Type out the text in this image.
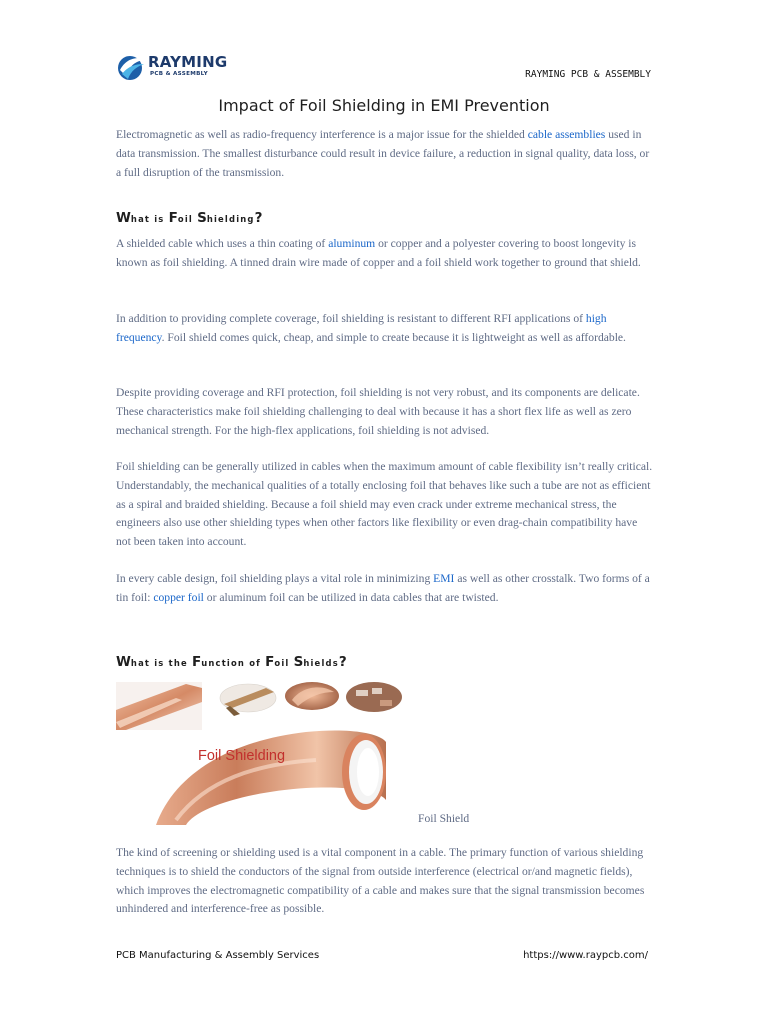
RAYMING
PCB & ASSEMBLY	RAYMING PCB & ASSEMBLY
Impact of Foil Shielding in EMI Prevention

Electromagnetic as well as radio-frequency interference is a major issue for the shielded cable assemblies used in data transmission. The smallest disturbance could result in device failure, a reduction in signal quality, data loss, or a full disruption of the transmission.

What is Foil Shielding?

A shielded cable which uses a thin coating of aluminum or copper and a polyester covering to boost longevity is known as foil shielding. A tinned drain wire made of copper and a foil shield work together to ground that shield.

In addition to providing complete coverage, foil shielding is resistant to different RFI applications of high frequency. Foil shield comes quick, cheap, and simple to create because it is lightweight as well as affordable.

Despite providing coverage and RFI protection, foil shielding is not very robust, and its components are delicate. These characteristics make foil shielding challenging to deal with because it has a short flex life as well as zero mechanical strength. For the high-flex applications, foil shielding is not advised.

Foil shielding can be generally utilized in cables when the maximum amount of cable flexibility isn’t really critical. Understandably, the mechanical qualities of a totally enclosing foil that behaves like such a tube are not as efficient as a spiral and braided shielding. Because a foil shield may even crack under extreme mechanical stress, the engineers also use other shielding types when other factors like flexibility or even drag-chain compatibility have not been taken into account.

In every cable design, foil shielding plays a vital role in minimizing EMI as well as other crosstalk. Two forms of a tin foil: copper foil or aluminum foil can be utilized in data cables that are twisted.

What is the Function of Foil Shields?
Foil Shielding
Foil Shield

The kind of screening or shielding used is a vital component in a cable. The primary function of various shielding techniques is to shield the conductors of the signal from outside interference (electrical or/and magnetic fields), which improves the electromagnetic compatibility of a cable and makes sure that the signal transmission becomes unhindered and interference-free as possible.

PCB Manufacturing & Assembly Services	https://www.raypcb.com/
